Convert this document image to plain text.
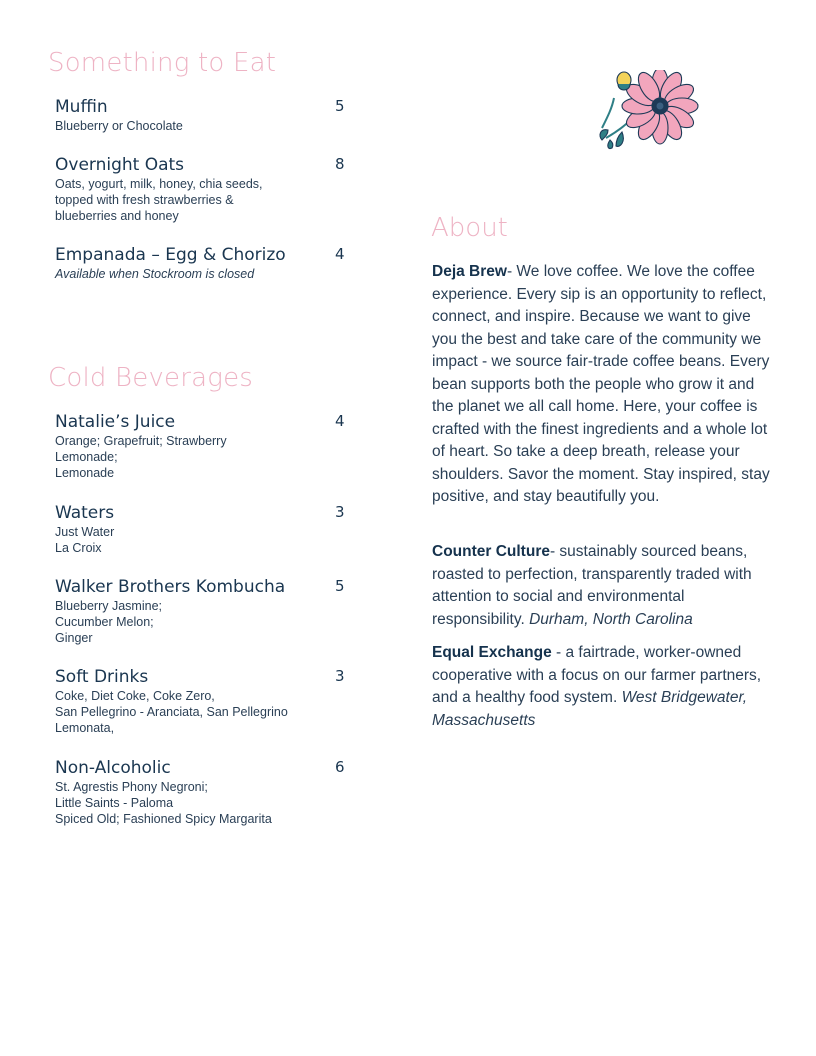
Something to Eat
Muffin	5
Blueberry or Chocolate
Overnight Oats	8
Oats, yogurt, milk, honey, chia seeds,
topped with fresh strawberries &
blueberries and honey
Empanada – Egg & Chorizo	4
Available when Stockroom is closed
Cold Beverages
Natalie’s Juice	4
Orange; Grapefruit; Strawberry
Lemonade;
Lemonade
Waters	3
Just Water
La Croix
Walker Brothers Kombucha	5
Blueberry Jasmine;
Cucumber Melon;
Ginger
Soft Drinks	3
Coke, Diet Coke, Coke Zero,
San Pellegrino - Aranciata, San Pellegrino
Lemonata,
Non-Alcoholic	6
St. Agrestis Phony Negroni;
Little Saints - Paloma
Spiced Old; Fashioned Spicy Margarita
About

Deja Brew- We love coffee. We love the coffee experience. Every sip is an opportunity to reflect, connect, and inspire. Because we want to give you the best and take care of the community we impact - we source fair-trade coffee beans. Every bean supports both the people who grow it and the planet we all call home. Here, your coffee is crafted with the finest ingredients and a whole lot of heart. So take a deep breath, release your shoulders. Savor the moment. Stay inspired, stay positive, and stay beautifully you.

Counter Culture- sustainably sourced beans, roasted to perfection, transparently traded with attention to social and environmental responsibility. Durham, North Carolina

Equal Exchange - a fairtrade, worker-owned cooperative with a focus on our farmer partners, and a healthy food system. West Bridgewater, Massachusetts
